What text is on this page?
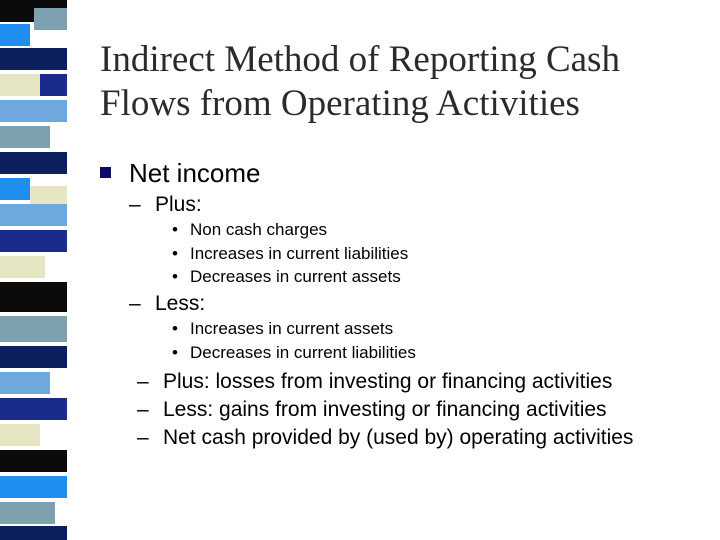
Indirect Method of Reporting Cash
Flows from Operating Activities
Net income
– Plus:
• Non cash charges
• Increases in current liabilities
• Decreases in current assets
– Less:
• Increases in current assets
• Decreases in current liabilities
– Plus: losses from investing or financing activities
– Less: gains from investing or financing activities
– Net cash provided by (used by) operating activities
